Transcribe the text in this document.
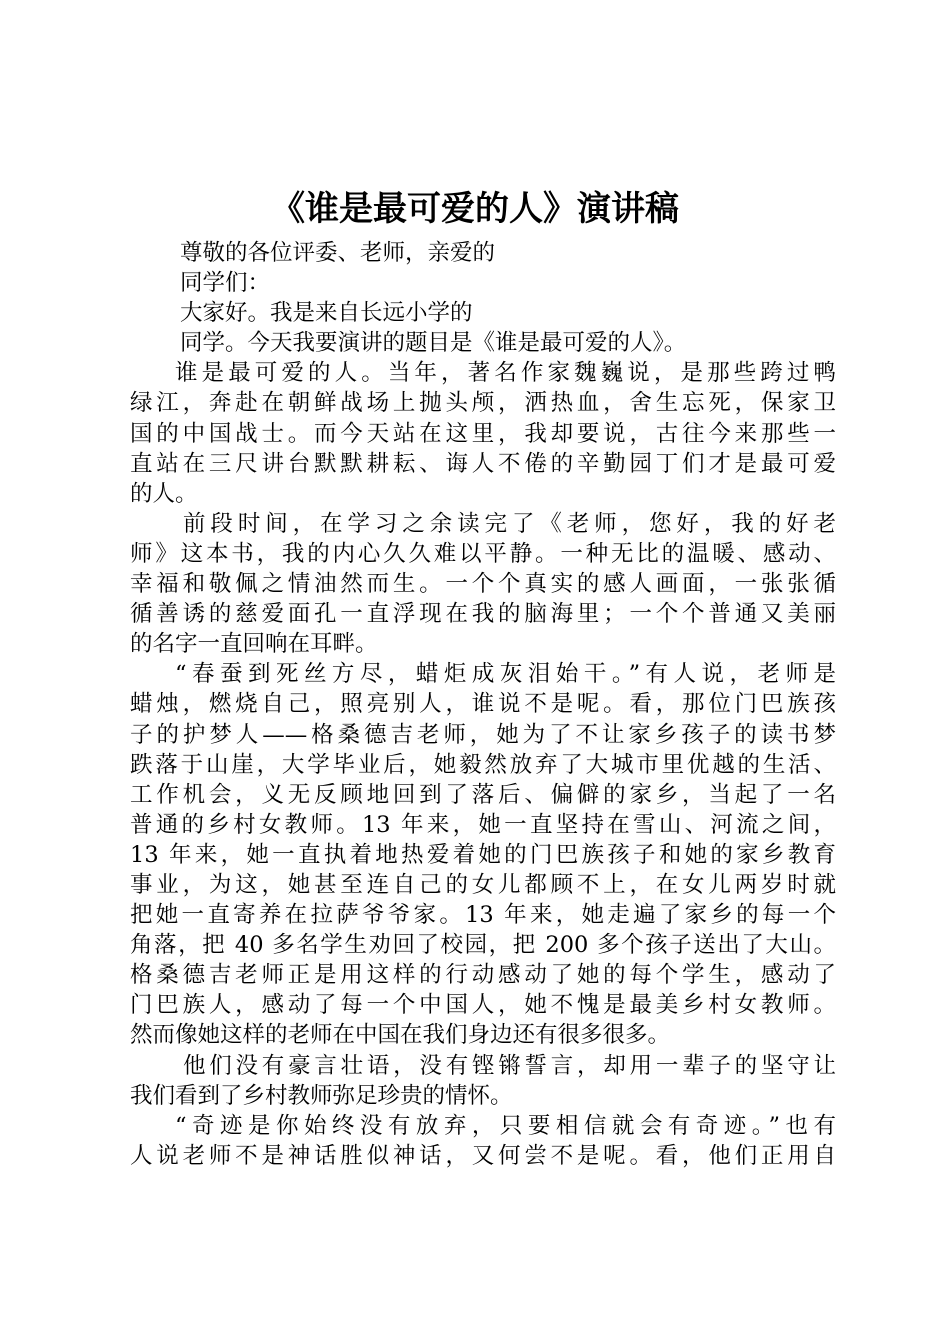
《谁是最可爱的人》演讲稿
尊敬的各位评委、老师，亲爱的
同学们：
大家好。我是来自长远小学的
同学。今天我要演讲的题目是《谁是最可爱的人》。
谁是最可爱的人。当年，著名作家魏巍说，是那些跨过鸭
绿江，奔赴在朝鲜战场上抛头颅，洒热血，舍生忘死，保家卫
国的中国战士。而今天站在这里，我却要说，古往今来那些一
直站在三尺讲台默默耕耘、诲人不倦的辛勤园丁们才是最可爱
的人。
前段时间，在学习之余读完了《老师，您好，我的好老
师》这本书，我的内心久久难以平静。一种无比的温暖、感动、
幸福和敬佩之情油然而生。一个个真实的感人画面，一张张循
循善诱的慈爱面孔一直浮现在我的脑海里；一个个普通又美丽
的名字一直回响在耳畔。
“春蚕到死丝方尽，蜡炬成灰泪始干。”有人说，老师是
蜡烛，燃烧自己，照亮别人，谁说不是呢。看，那位门巴族孩
子的护梦人——格桑德吉老师，她为了不让家乡孩子的读书梦
跌落于山崖，大学毕业后，她毅然放弃了大城市里优越的生活、
工作机会，义无反顾地回到了落后、偏僻的家乡，当起了一名
普通的乡村女教师。13 年来，她一直坚持在雪山、河流之间，
13 年来，她一直执着地热爱着她的门巴族孩子和她的家乡教育
事业，为这，她甚至连自己的女儿都顾不上，在女儿两岁时就
把她一直寄养在拉萨爷爷家。13 年来，她走遍了家乡的每一个
角落，把 40 多名学生劝回了校园，把 200 多个孩子送出了大山。
格桑德吉老师正是用这样的行动感动了她的每个学生，感动了
门巴族人，感动了每一个中国人，她不愧是最美乡村女教师。
然而像她这样的老师在中国在我们身边还有很多很多。
他们没有豪言壮语，没有铿锵誓言，却用一辈子的坚守让
我们看到了乡村教师弥足珍贵的情怀。
“奇迹是你始终没有放弃，只要相信就会有奇迹。”也有
人说老师不是神话胜似神话，又何尝不是呢。看，他们正用自
